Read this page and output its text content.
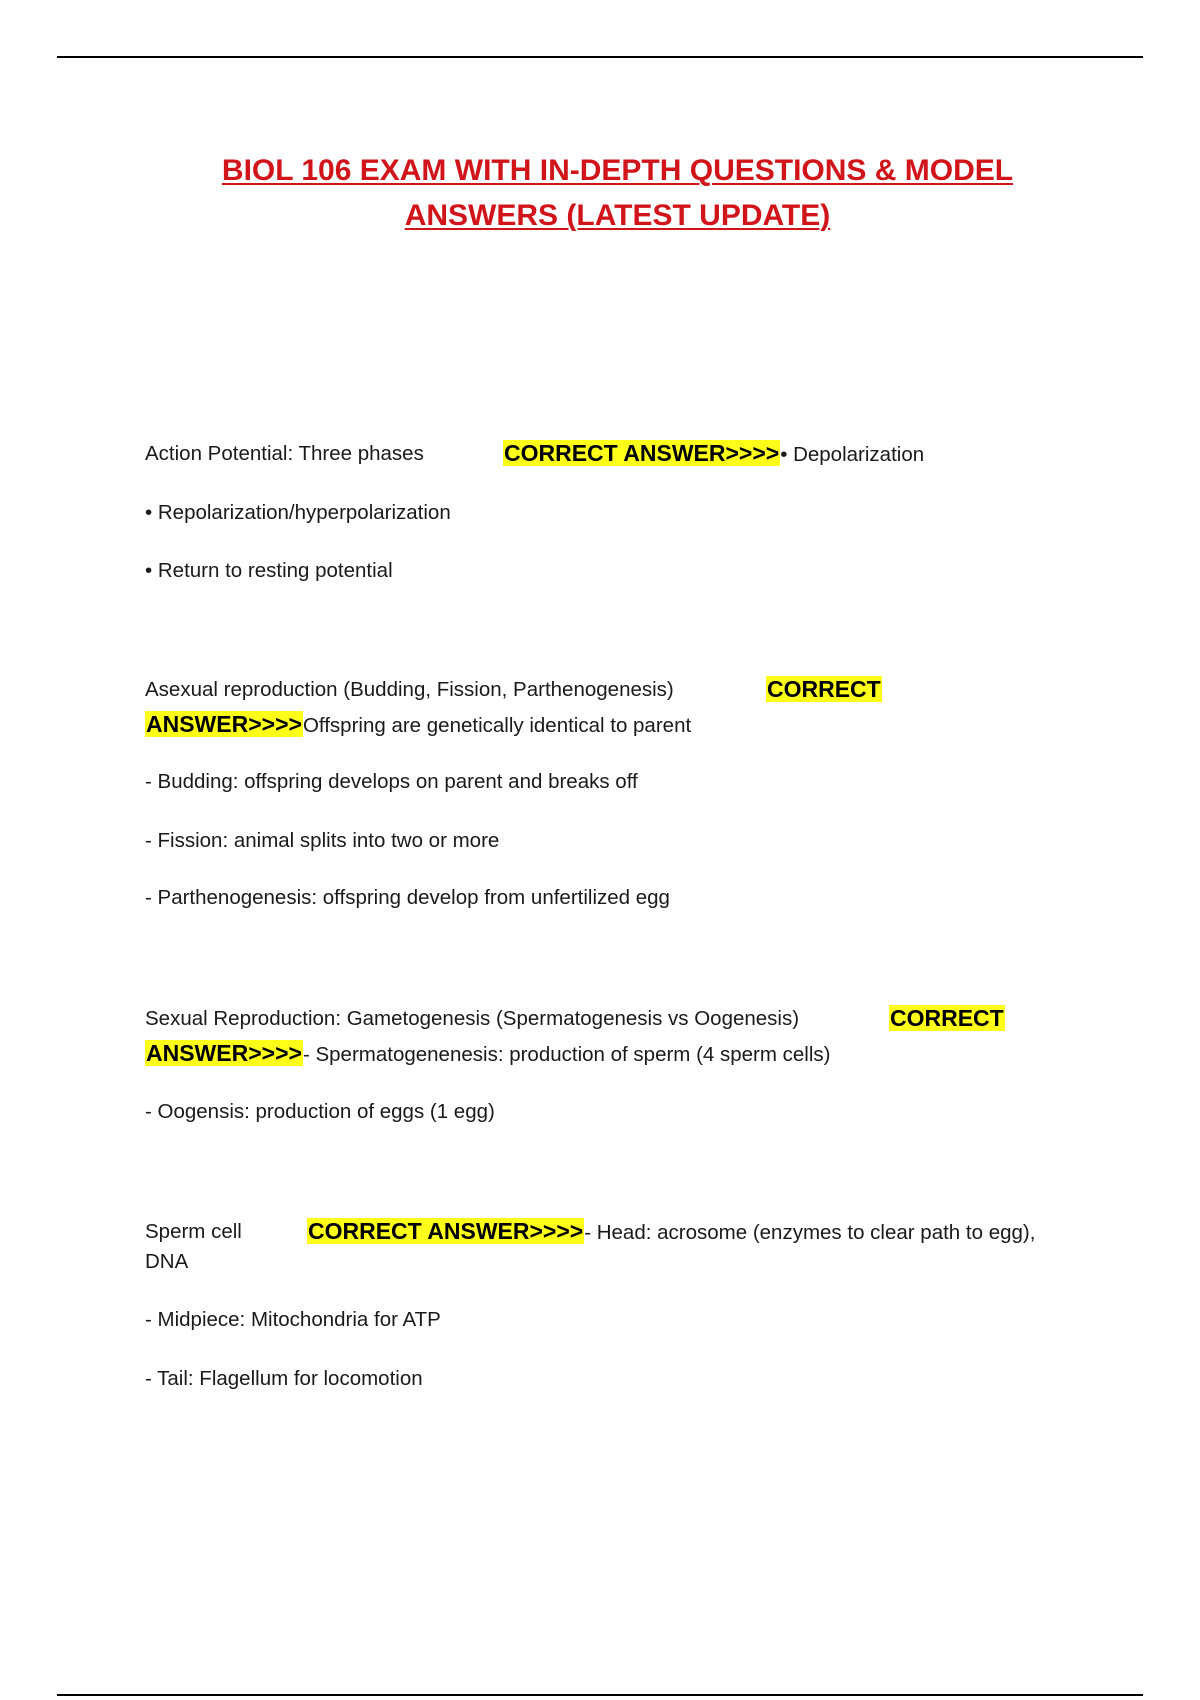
BIOL 106 EXAM WITH IN-DEPTH QUESTIONS & MODEL
ANSWERS (LATEST UPDATE)
Action Potential: Three phases	CORRECT ANSWER>>>>• Depolarization
• Repolarization/hyperpolarization
• Return to resting potential
Asexual reproduction (Budding, Fission, Parthenogenesis)	CORRECT
ANSWER>>>>Offspring are genetically identical to parent
- Budding: offspring develops on parent and breaks off
- Fission: animal splits into two or more
- Parthenogenesis: offspring develop from unfertilized egg
Sexual Reproduction: Gametogenesis (Spermatogenesis vs Oogenesis)	CORRECT
ANSWER>>>>- Spermatogenenesis: production of sperm (4 sperm cells)
- Oogensis: production of eggs (1 egg)
Sperm cell	CORRECT ANSWER>>>>- Head: acrosome (enzymes to clear path to egg),
DNA
- Midpiece: Mitochondria for ATP
- Tail: Flagellum for locomotion
